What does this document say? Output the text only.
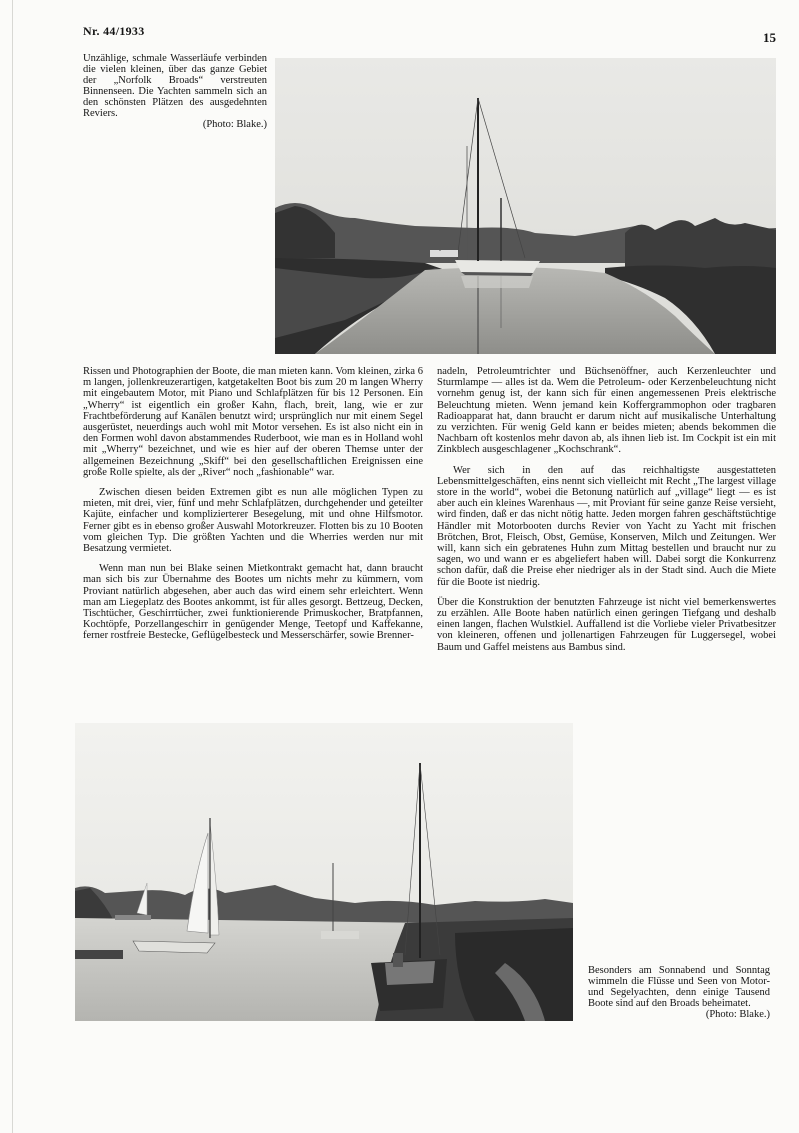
Nr. 44/1933	15
Unzählige, schmale Wasserläufe verbinden die vielen kleinen, über das ganze Gebiet der „Norfolk Broads“ verstreuten Binnenseen. Die Yachten sammeln sich an den schönsten Plätzen des ausgedehnten Reviers.
(Photo: Blake.)

Rissen und Photographien der Boote, die man mieten kann. Vom kleinen, zirka 6 m langen, jollenkreuzerartigen, katgetakelten Boot bis zum 20 m langen Wherry mit eingebautem Motor, mit Piano und Schlafplätzen für bis 12 Personen. Ein „Wherry“ ist eigentlich ein großer Kahn, flach, breit, lang, wie er zur Frachtbeförderung auf Kanälen benutzt wird; ursprünglich nur mit einem Segel ausgerüstet, neuerdings auch wohl mit Motor versehen. Es ist also nicht ein in den Formen wohl davon abstammendes Ruderboot, wie man es in Holland wohl mit „Wherry“ bezeichnet, und wie es hier auf der oberen Themse unter der allgemeinen Bezeichnung „Skiff“ bei den gesellschaftlichen Ereignissen eine große Rolle spielte, als der „River“ noch „fashionable“ war.

Zwischen diesen beiden Extremen gibt es nun alle möglichen Typen zu mieten, mit drei, vier, fünf und mehr Schlafplätzen, durchgehender und geteilter Kajüte, einfacher und komplizierterer Besegelung, mit und ohne Hilfsmotor. Ferner gibt es in ebenso großer Auswahl Motorkreuzer. Flotten bis zu 10 Booten vom gleichen Typ. Die größten Yachten und die Wherries werden nur mit Besatzung vermietet.

Wenn man nun bei Blake seinen Mietkontrakt gemacht hat, dann braucht man sich bis zur Übernahme des Bootes um nichts mehr zu kümmern, vom Proviant natürlich abgesehen, aber auch das wird einem sehr erleichtert. Wenn man am Liegeplatz des Bootes ankommt, ist für alles gesorgt. Bettzeug, Decken, Tischtücher, Geschirrtücher, zwei funktionierende Primuskocher, Bratpfannen, Kochtöpfe, Porzellangeschirr in genügender Menge, Teetopf und Kaffekanne, ferner rostfreie Bestecke, Geflügelbesteck und Messerschärfer, sowie Brenner-

nadeln, Petroleumtrichter und Büchsenöffner, auch Kerzenleuchter und Sturmlampe — alles ist da. Wem die Petroleum- oder Kerzenbeleuchtung nicht vornehm genug ist, der kann sich für einen angemessenen Preis elektrische Beleuchtung mieten. Wenn jemand kein Koffergrammophon oder tragbaren Radioapparat hat, dann braucht er darum nicht auf musikalische Unterhaltung zu verzichten. Für wenig Geld kann er beides mieten; abends bekommen die Nachbarn oft kostenlos mehr davon ab, als ihnen lieb ist. Im Cockpit ist ein mit Zinkblech ausgeschlagener „Kochschrank“.

Wer sich in den auf das reichhaltigste ausgestatteten Lebensmittelgeschäften, eins nennt sich vielleicht mit Recht „The largest village store in the world“, wobei die Betonung natürlich auf „village“ liegt — es ist aber auch ein kleines Warenhaus —, mit Proviant für seine ganze Reise versieht, wird finden, daß er das nicht nötig hatte. Jeden morgen fahren geschäftstüchtige Händler mit Motorbooten durchs Revier von Yacht zu Yacht mit frischen Brötchen, Brot, Fleisch, Obst, Gemüse, Konserven, Milch und Zeitungen. Wer will, kann sich ein gebratenes Huhn zum Mittag bestellen und braucht nur zu sagen, wo und wann er es abgeliefert haben will. Dabei sorgt die Konkurrenz schon dafür, daß die Preise eher niedriger als in der Stadt sind. Auch die Miete für die Boote ist niedrig.

Über die Konstruktion der benutzten Fahrzeuge ist nicht viel bemerkenswertes zu erzählen. Alle Boote haben natürlich einen geringen Tiefgang und deshalb einen langen, flachen Wulstkiel. Auffallend ist die Vorliebe vieler Privatbesitzer von kleineren, offenen und jollenartigen Fahrzeugen für Luggersegel, wobei Baum und Gaffel meistens aus Bambus sind.

Besonders am Sonnabend und Sonntag wimmeln die Flüsse und Seen von Motor- und Segelyachten, denn einige Tausend Boote sind auf den Broads beheimatet.
(Photo: Blake.)
